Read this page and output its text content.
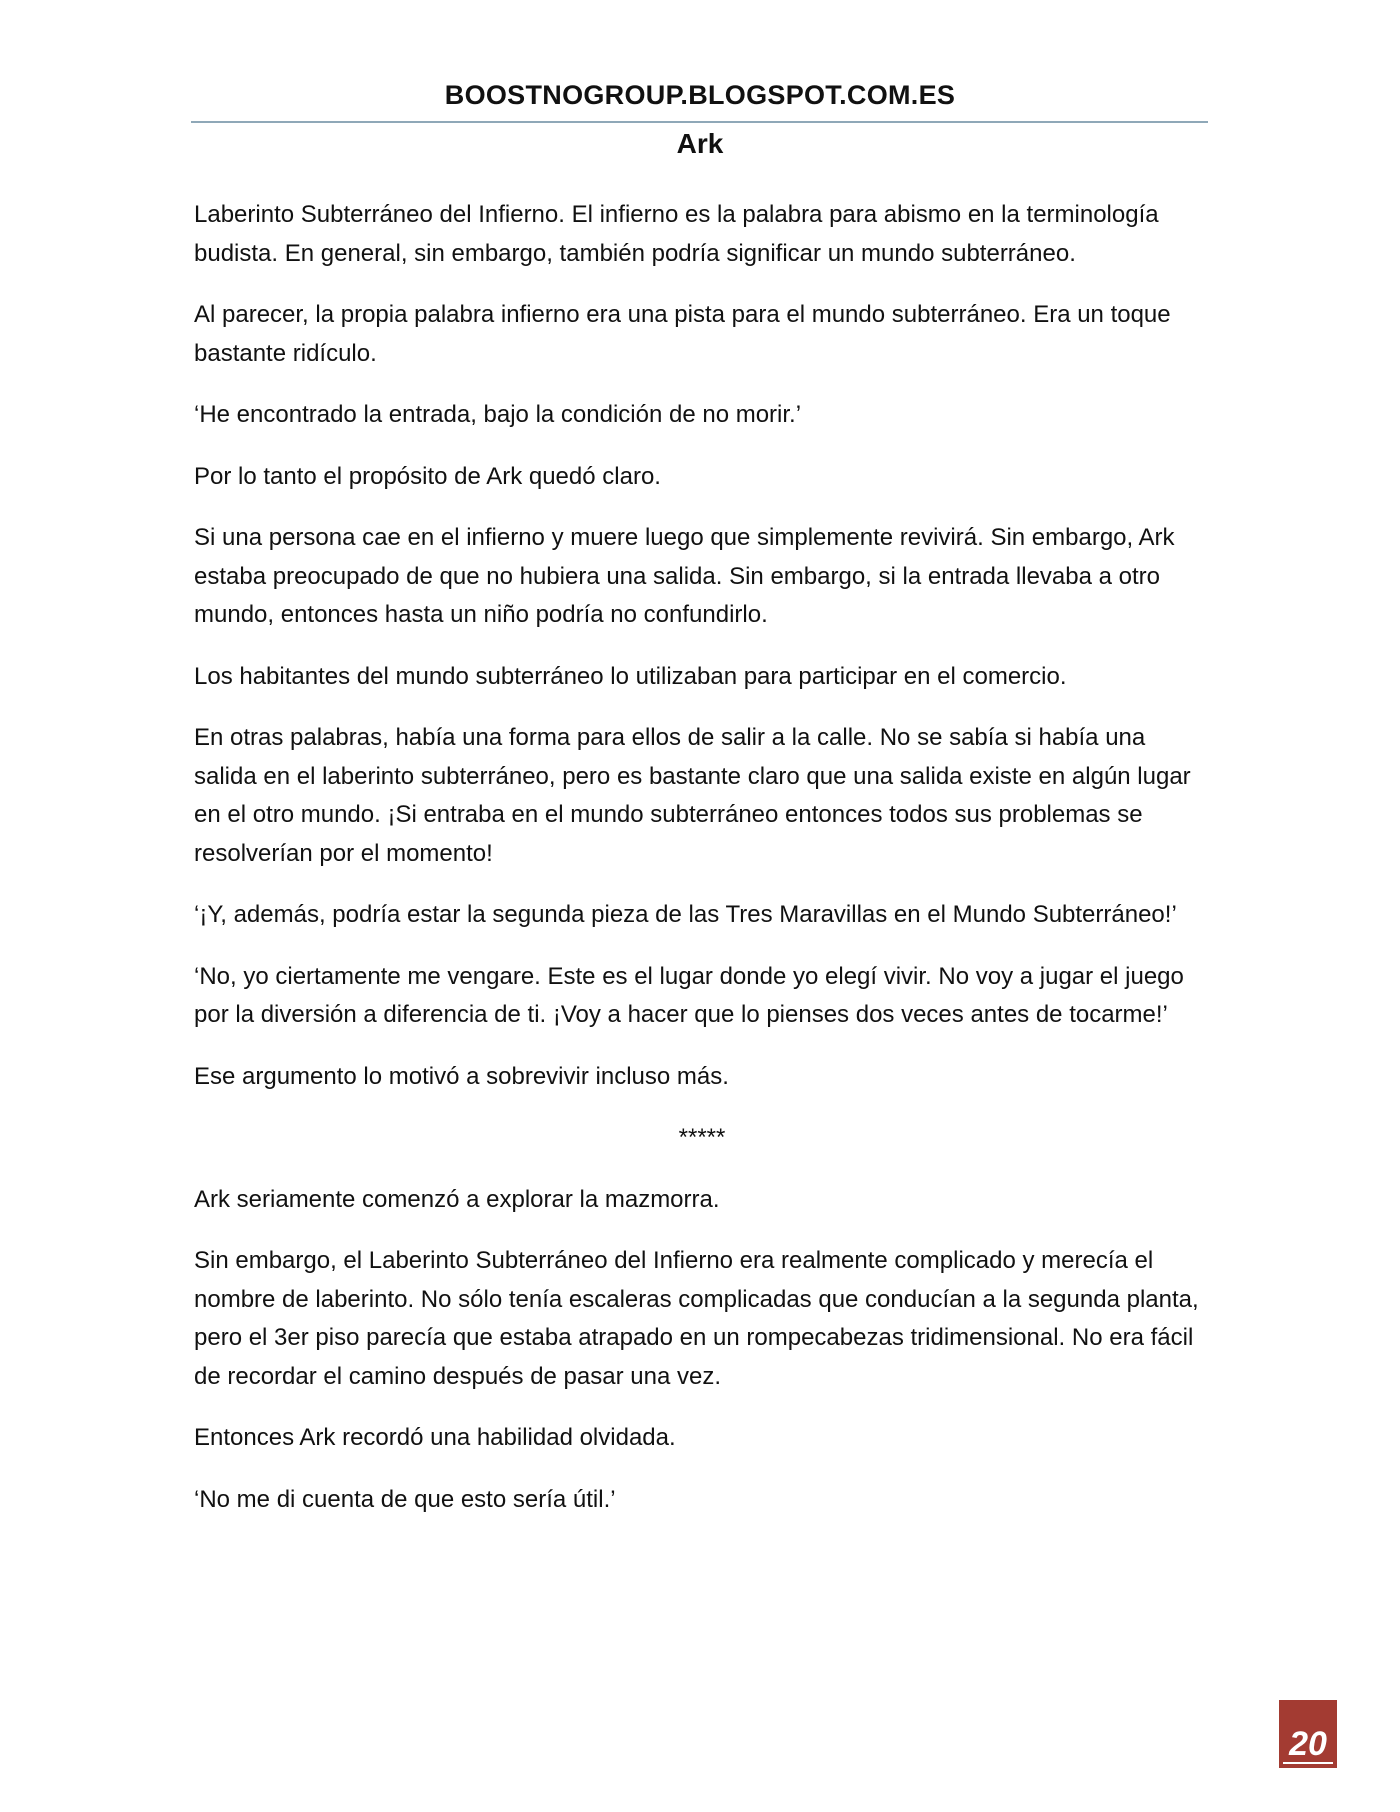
BOOSTNOGROUP.BLOGSPOT.COM.ES
Ark

Laberinto Subterráneo del Infierno. El infierno es la palabra para abismo en la terminología budista. En general, sin embargo, también podría significar un mundo subterráneo.

Al parecer, la propia palabra infierno era una pista para el mundo subterráneo. Era un toque bastante ridículo.

‘He encontrado la entrada, bajo la condición de no morir.’

Por lo tanto el propósito de Ark quedó claro.

Si una persona cae en el infierno y muere luego que simplemente revivirá. Sin embargo, Ark estaba preocupado de que no hubiera una salida. Sin embargo, si la entrada llevaba a otro mundo, entonces hasta un niño podría no confundirlo.

Los habitantes del mundo subterráneo lo utilizaban para participar en el comercio.

En otras palabras, había una forma para ellos de salir a la calle. No se sabía si había una salida en el laberinto subterráneo, pero es bastante claro que una salida existe en algún lugar en el otro mundo. ¡Si entraba en el mundo subterráneo entonces todos sus problemas se resolverían por el momento!

‘¡Y, además, podría estar la segunda pieza de las Tres Maravillas en el Mundo Subterráneo!’

‘No, yo ciertamente me vengare. Este es el lugar donde yo elegí vivir. No voy a jugar el juego por la diversión a diferencia de ti. ¡Voy a hacer que lo pienses dos veces antes de tocarme!’

Ese argumento lo motivó a sobrevivir incluso más.

*****

Ark seriamente comenzó a explorar la mazmorra.

Sin embargo, el Laberinto Subterráneo del Infierno era realmente complicado y merecía el nombre de laberinto. No sólo tenía escaleras complicadas que conducían a la segunda planta, pero el 3er piso parecía que estaba atrapado en un rompecabezas tridimensional. No era fácil de recordar el camino después de pasar una vez.

Entonces Ark recordó una habilidad olvidada.

‘No me di cuenta de que esto sería útil.’

20
